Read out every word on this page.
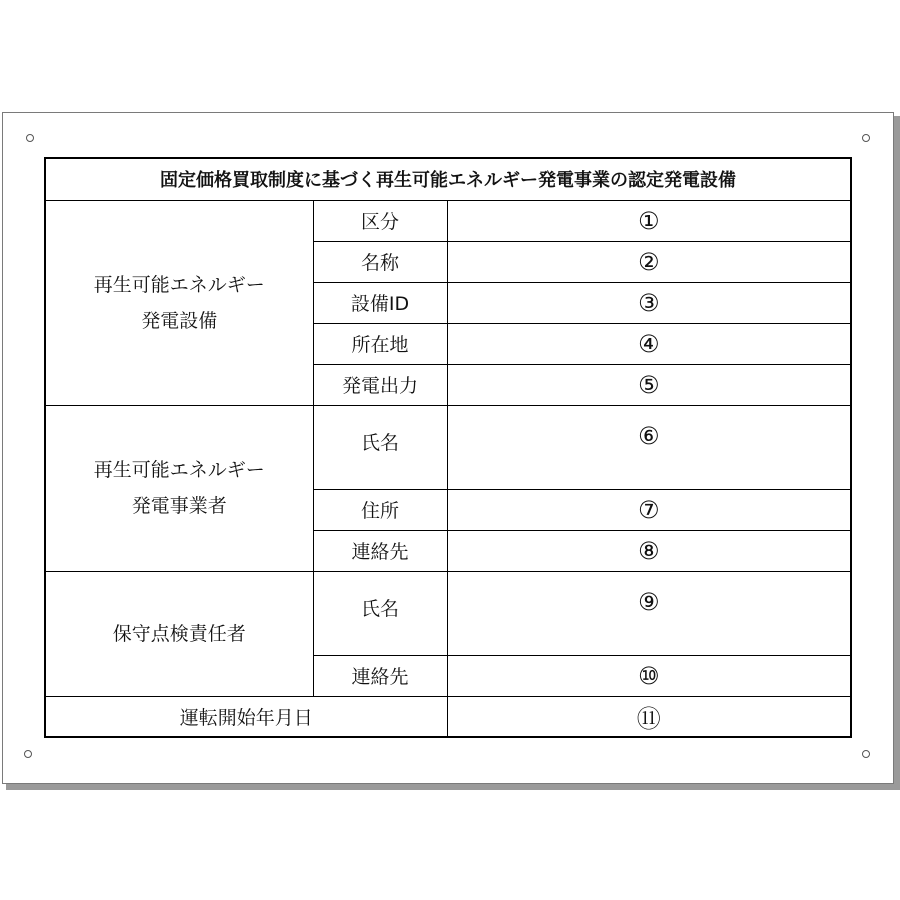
固定価格買取制度に基づく再生可能エネルギー発電事業の認定発電設備		

再生可能エネルギー
発電設備	区分	①
	名称	②
	設備ID	③
	所在地	④
	発電出力	⑤

再生可能エネルギー
発電事業者	氏名	⑥
	住所	⑦
	連絡先	⑧

保守点検責任者	氏名	⑨
	連絡先	⑩
運転開始年月日		⑪
